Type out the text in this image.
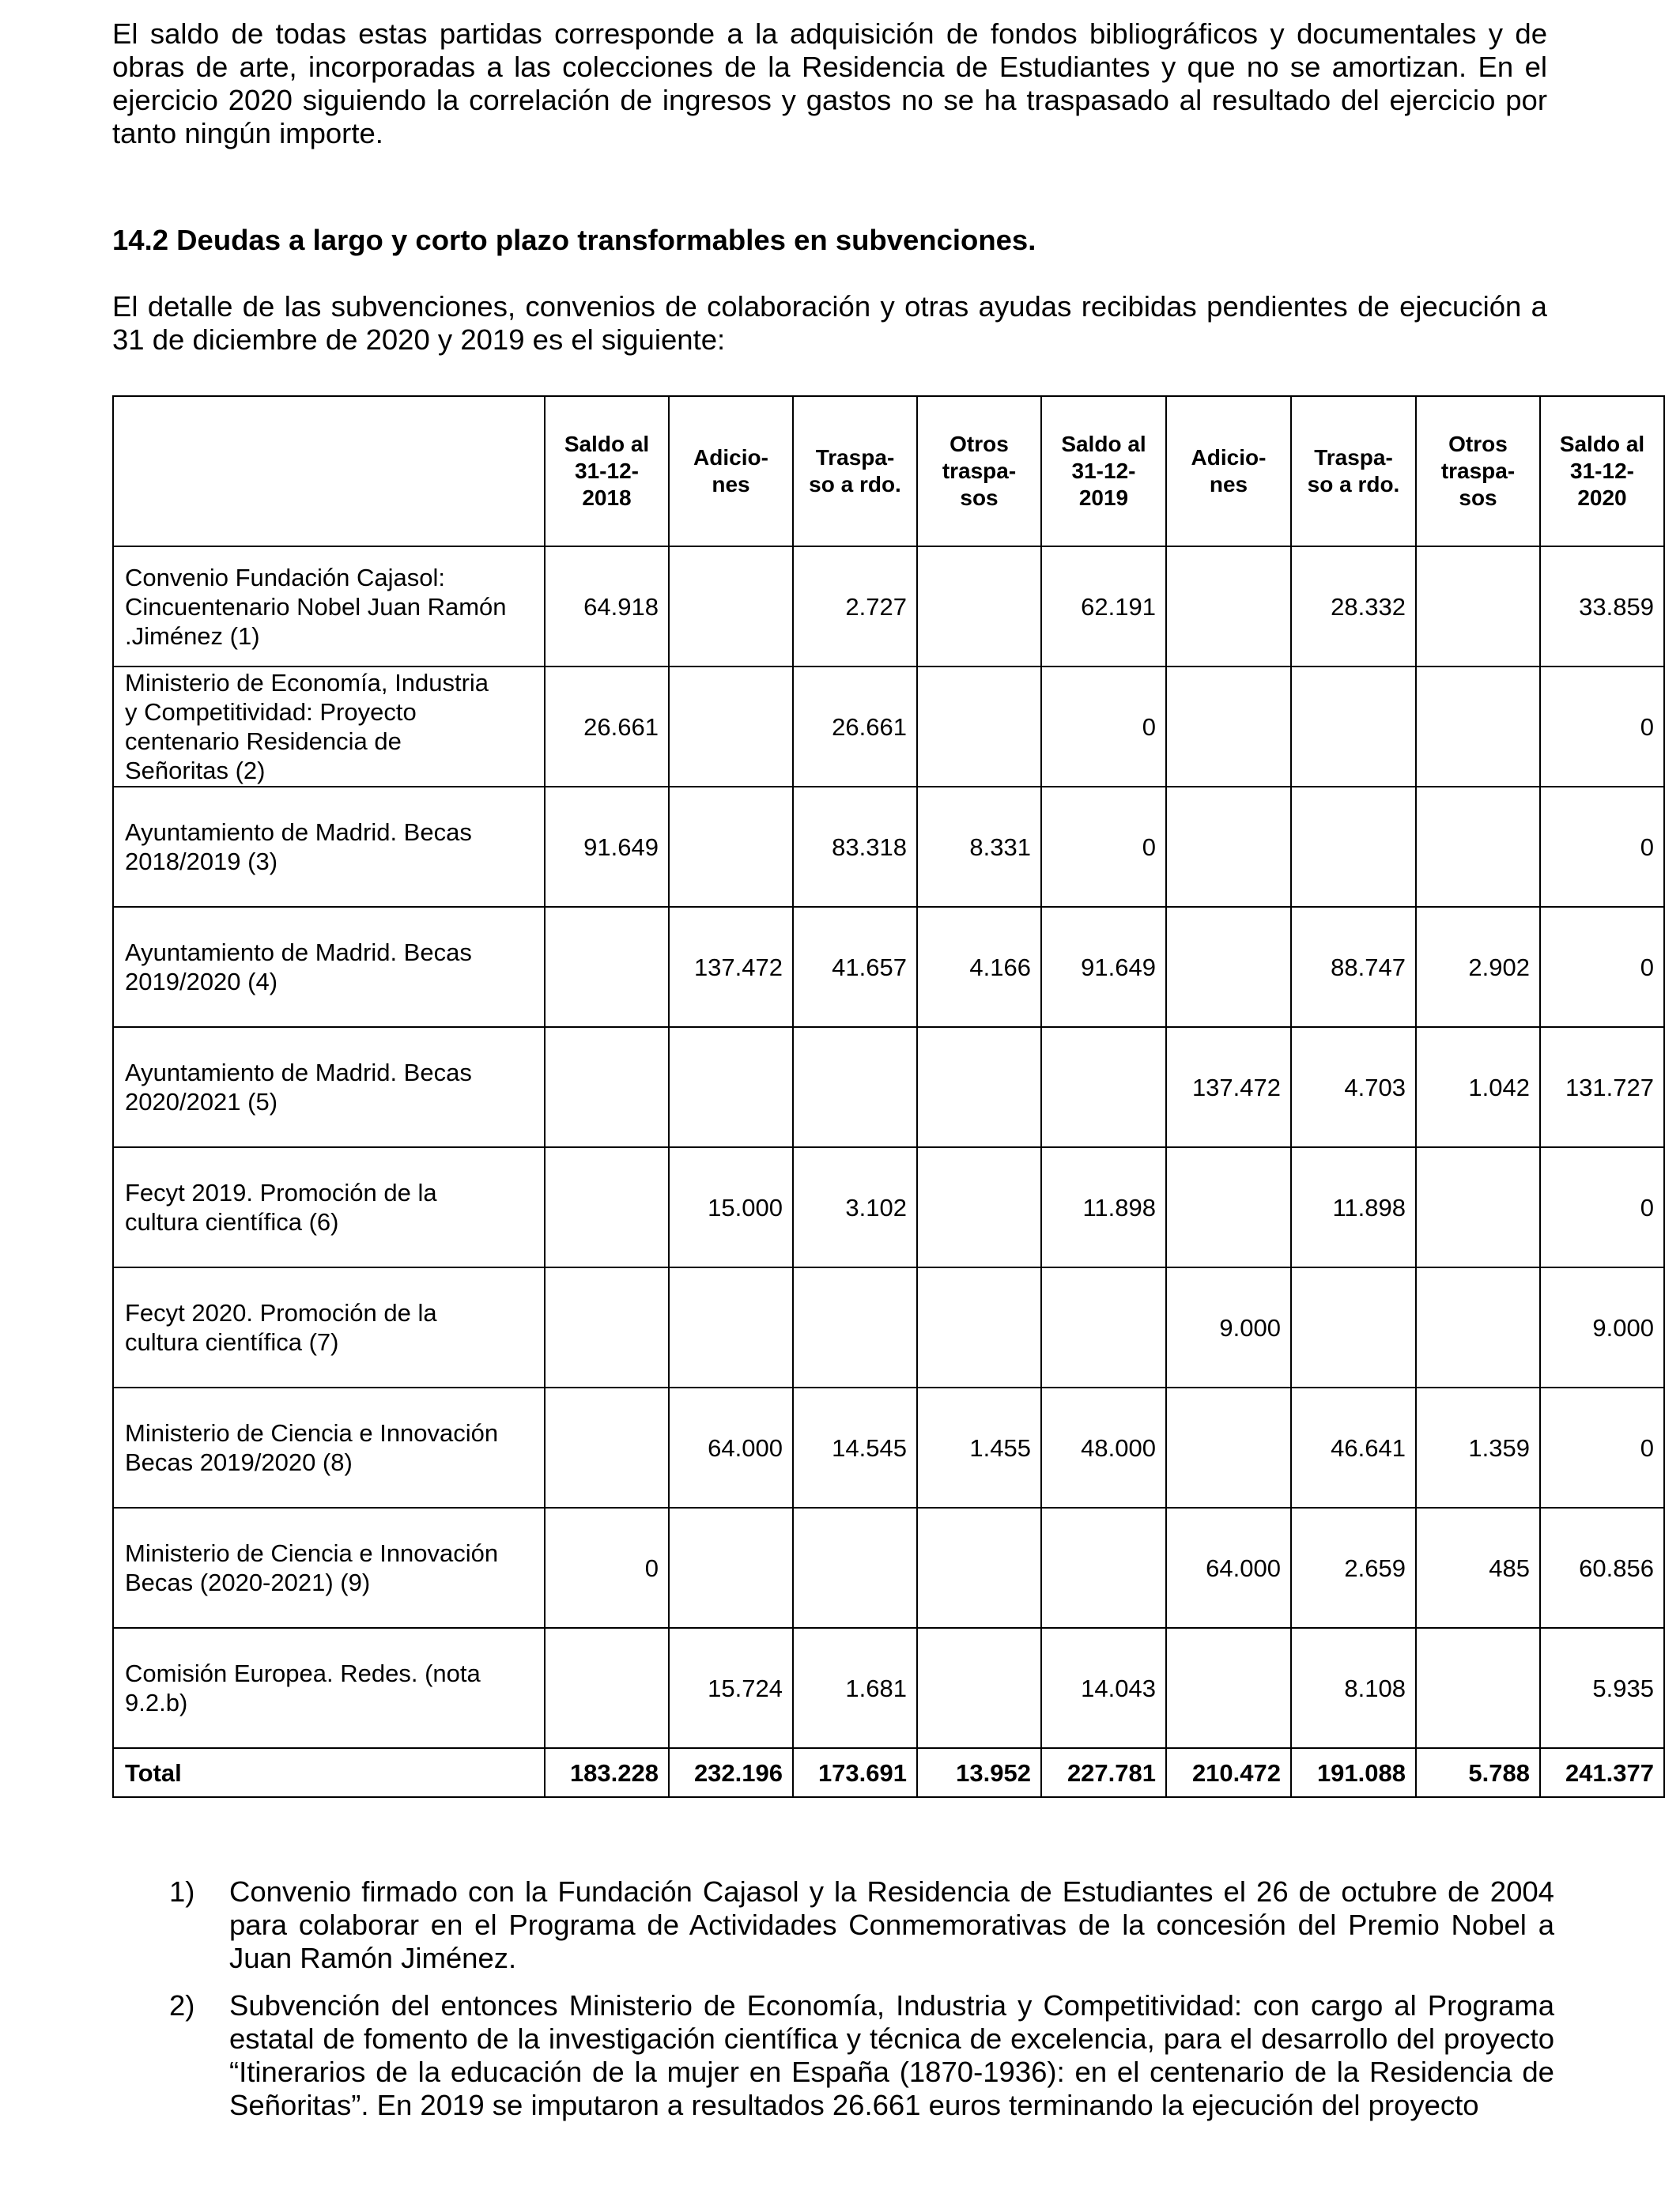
El saldo de todas estas partidas corresponde a la adquisición de fondos bibliográficos y documentales y de obras de arte, incorporadas a las colecciones de la Residencia de Estudiantes y que no se amortizan. En el ejercicio 2020 siguiendo la correlación de ingresos y gastos no se ha traspasado al resultado del ejercicio por tanto ningún importe.

14.2 Deudas a largo y corto plazo transformables en subvenciones.

El detalle de las subvenciones, convenios de colaboración y otras ayudas recibidas pendientes de ejecución a 31 de diciembre de 2020 y 2019 es el siguiente:

	Saldo al
31-12-
2018	Adicio-
nes	Traspa-
so a rdo.	Otros
traspa-
sos	Saldo al
31-12-
2019	Adicio-
nes	Traspa-
so a rdo.	Otros
traspa-
sos	Saldo al
31-12-
2020
Convenio Fundación Cajasol:
Cincuentenario Nobel Juan Ramón
.Jiménez (1)	64.918		2.727		62.191		28.332		33.859
Ministerio de Economía, Industria
y Competitividad: Proyecto
centenario Residencia de
Señoritas (2)	26.661		26.661		0				0
Ayuntamiento de Madrid. Becas
2018/2019 (3)	91.649		83.318	8.331	0				0
Ayuntamiento de Madrid. Becas
2019/2020 (4)		137.472	41.657	4.166	91.649		88.747	2.902	0
Ayuntamiento de Madrid. Becas
2020/2021 (5)						137.472	4.703	1.042	131.727
Fecyt 2019. Promoción de la
cultura científica (6)		15.000	3.102		11.898		11.898		0
Fecyt 2020. Promoción de la
cultura científica (7)						9.000			9.000
Ministerio de Ciencia e Innovación
Becas 2019/2020 (8)		64.000	14.545	1.455	48.000		46.641	1.359	0
Ministerio de Ciencia e Innovación
Becas (2020-2021) (9)	0					64.000	2.659	485	60.856
Comisión Europea. Redes. (nota
9.2.b)		15.724	1.681		14.043		8.108		5.935
Total	183.228	232.196	173.691	13.952	227.781	210.472	191.088	5.788	241.377
1)	Convenio firmado con la Fundación Cajasol y la Residencia de Estudiantes el 26 de octubre de 2004 para colaborar en el Programa de Actividades Conmemorativas de la concesión del Premio Nobel a Juan Ramón Jiménez.

2)	Subvención del entonces Ministerio de Economía, Industria y Competitividad: con cargo al Programa estatal de fomento de la investigación científica y técnica de excelencia, para el desarrollo del proyecto “Itinerarios de la educación de la mujer en España (1870-1936): en el centenario de la Residencia de Señoritas”. En 2019 se imputaron a resultados 26.661 euros terminando la ejecución del proyecto
